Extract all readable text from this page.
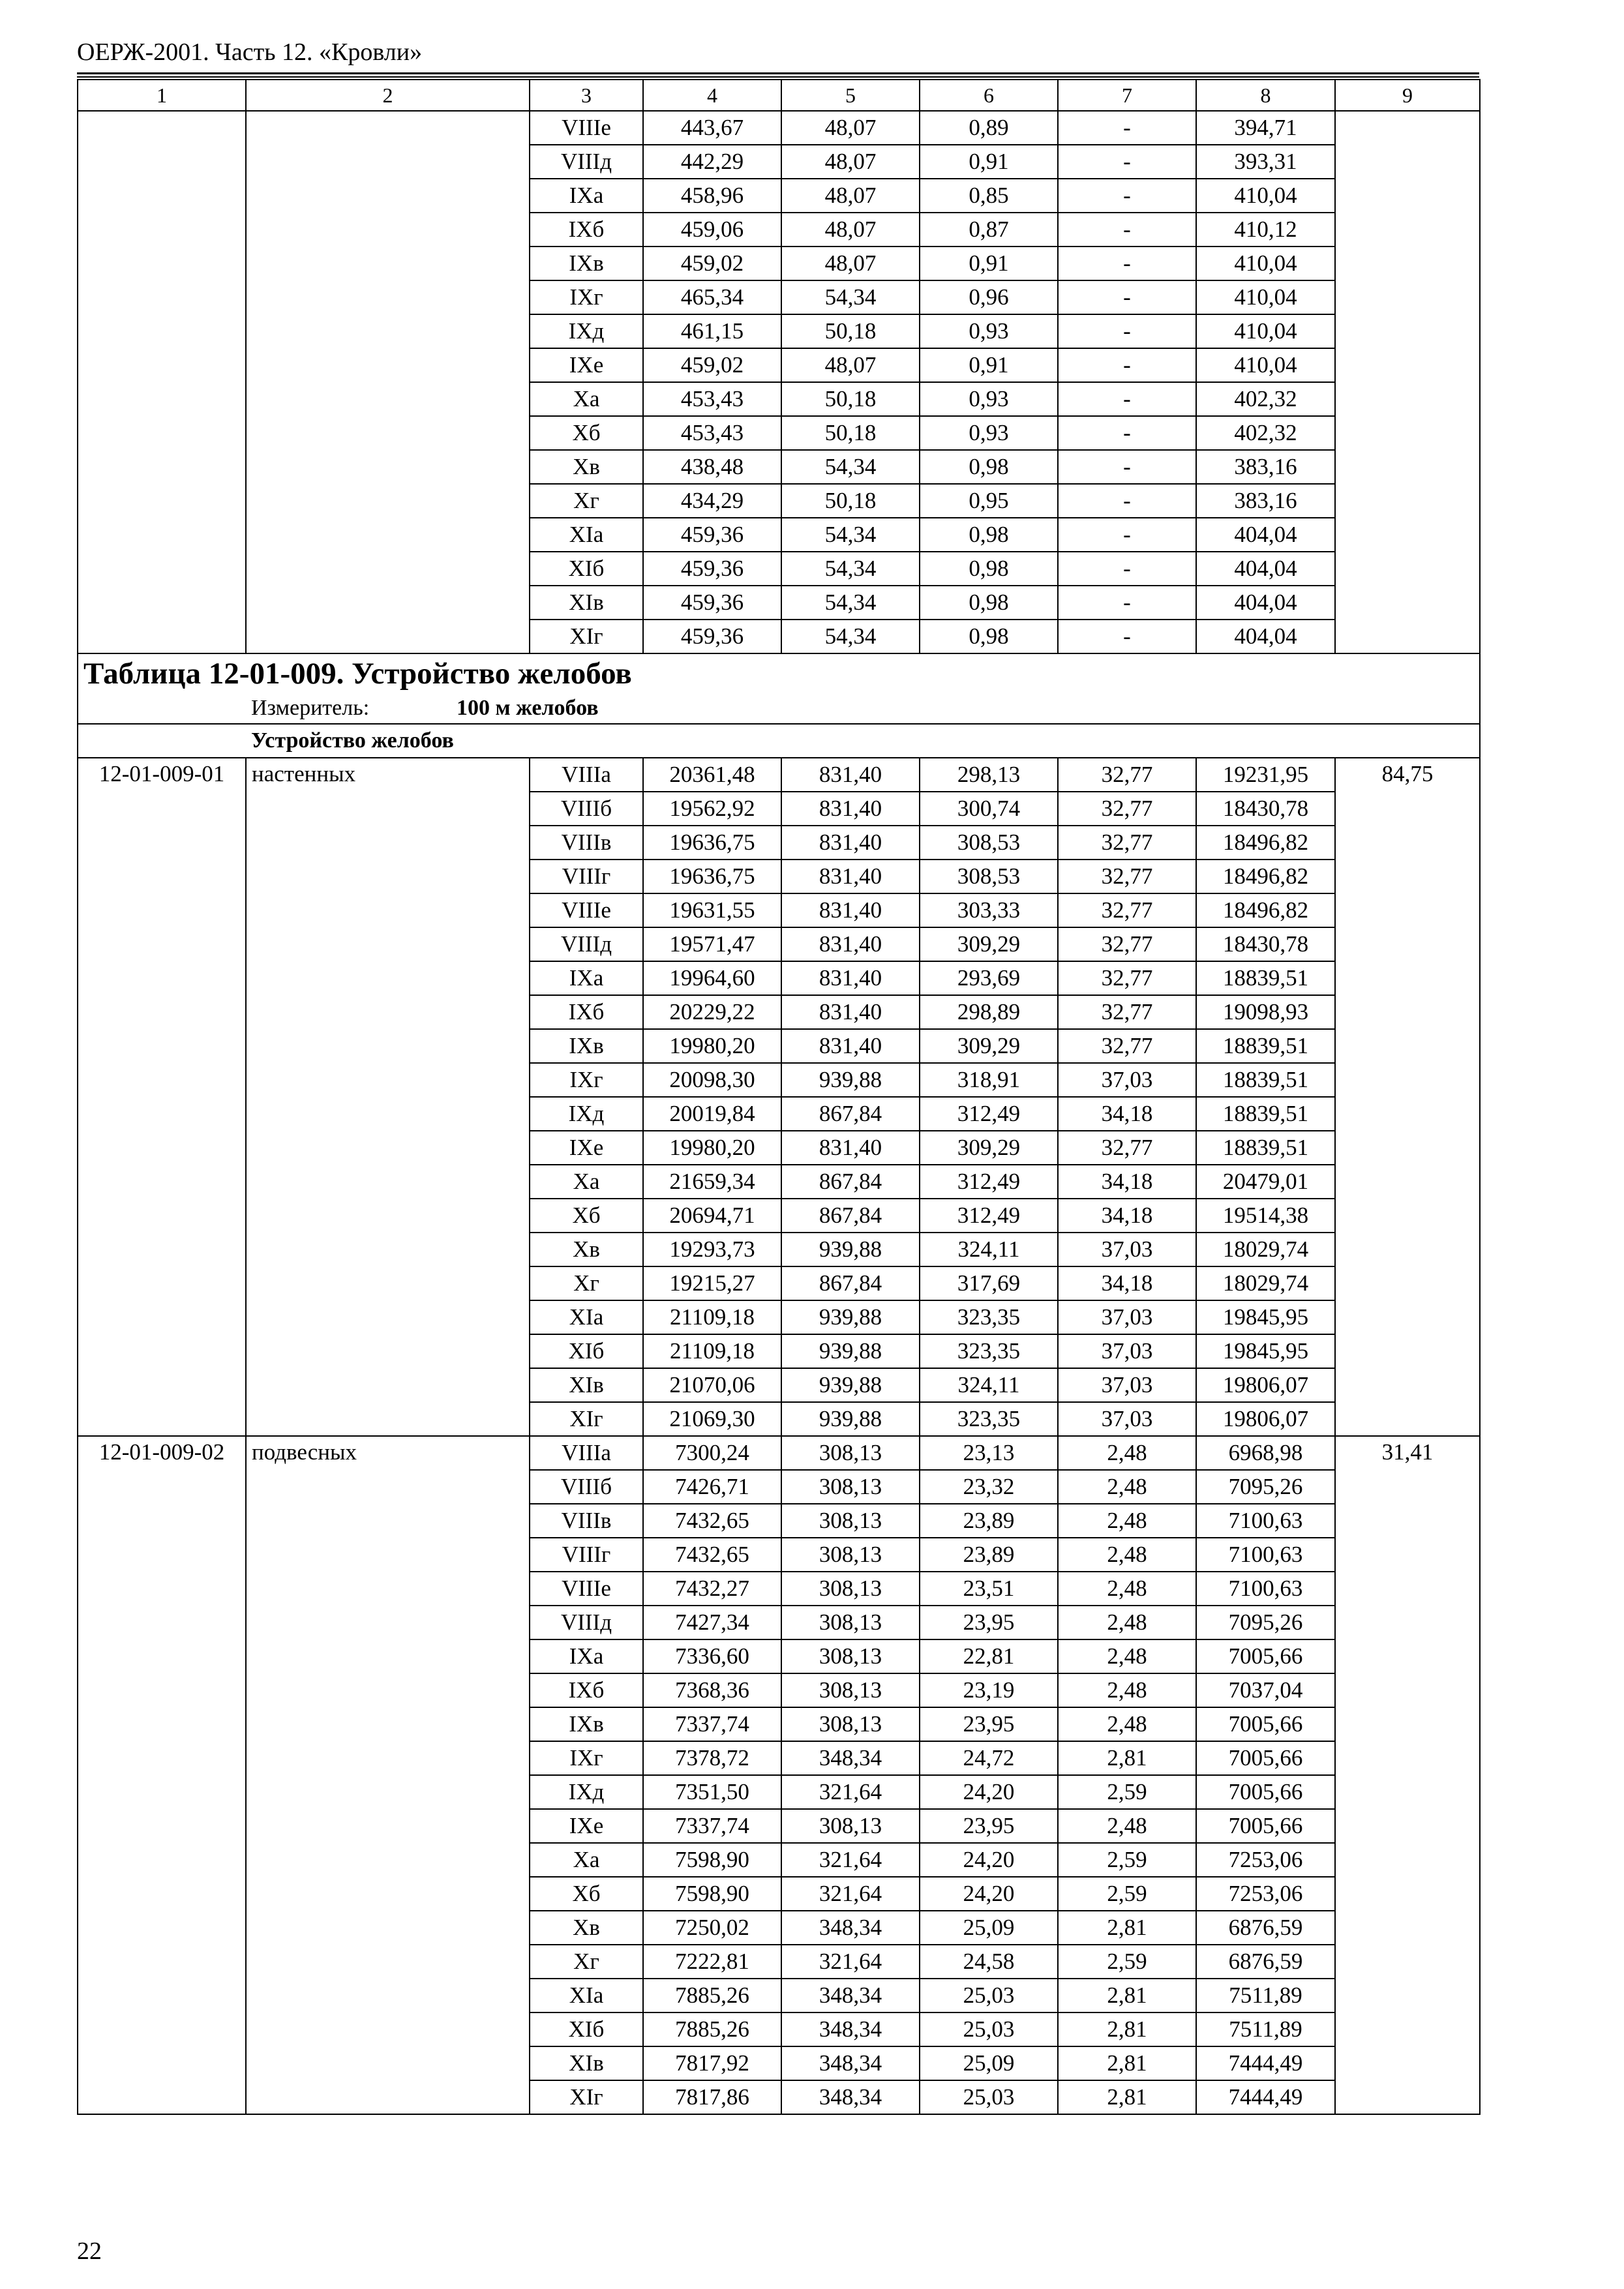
ОЕРЖ-2001. Часть 12. «Кровли»
1	2	3	4	5	6	7	8	9
		VIIIе	443,67	48,07	0,89	-	394,71	
		VIIIд	442,29	48,07	0,91	-	393,31	
		IXа	458,96	48,07	0,85	-	410,04	
		IXб	459,06	48,07	0,87	-	410,12	
		IXв	459,02	48,07	0,91	-	410,04	
		IXг	465,34	54,34	0,96	-	410,04	
		IXд	461,15	50,18	0,93	-	410,04	
		IXе	459,02	48,07	0,91	-	410,04	
		Xа	453,43	50,18	0,93	-	402,32	
		Xб	453,43	50,18	0,93	-	402,32	
		Xв	438,48	54,34	0,98	-	383,16	
		Xг	434,29	50,18	0,95	-	383,16	
		XIа	459,36	54,34	0,98	-	404,04	
		XIб	459,36	54,34	0,98	-	404,04	
		XIв	459,36	54,34	0,98	-	404,04	
		XIг	459,36	54,34	0,98	-	404,04	
Таблица 12-01-009. Устройство желобов								
Измеритель: 100 м желобов								
Устройство желобов								
12-01-009-01	настенных	VIIIа	20361,48	831,40	298,13	32,77	19231,95	84,75
		VIIIб	19562,92	831,40	300,74	32,77	18430,78	
		VIIIв	19636,75	831,40	308,53	32,77	18496,82	
		VIIIг	19636,75	831,40	308,53	32,77	18496,82	
		VIIIе	19631,55	831,40	303,33	32,77	18496,82	
		VIIIд	19571,47	831,40	309,29	32,77	18430,78	
		IXа	19964,60	831,40	293,69	32,77	18839,51	
		IXб	20229,22	831,40	298,89	32,77	19098,93	
		IXв	19980,20	831,40	309,29	32,77	18839,51	
		IXг	20098,30	939,88	318,91	37,03	18839,51	
		IXд	20019,84	867,84	312,49	34,18	18839,51	
		IXе	19980,20	831,40	309,29	32,77	18839,51	
		Xа	21659,34	867,84	312,49	34,18	20479,01	
		Xб	20694,71	867,84	312,49	34,18	19514,38	
		Xв	19293,73	939,88	324,11	37,03	18029,74	
		Xг	19215,27	867,84	317,69	34,18	18029,74	
		XIа	21109,18	939,88	323,35	37,03	19845,95	
		XIб	21109,18	939,88	323,35	37,03	19845,95	
		XIв	21070,06	939,88	324,11	37,03	19806,07	
		XIг	21069,30	939,88	323,35	37,03	19806,07	
12-01-009-02	подвесных	VIIIа	7300,24	308,13	23,13	2,48	6968,98	31,41
		VIIIб	7426,71	308,13	23,32	2,48	7095,26	
		VIIIв	7432,65	308,13	23,89	2,48	7100,63	
		VIIIг	7432,65	308,13	23,89	2,48	7100,63	
		VIIIе	7432,27	308,13	23,51	2,48	7100,63	
		VIIIд	7427,34	308,13	23,95	2,48	7095,26	
		IXа	7336,60	308,13	22,81	2,48	7005,66	
		IXб	7368,36	308,13	23,19	2,48	7037,04	
		IXв	7337,74	308,13	23,95	2,48	7005,66	
		IXг	7378,72	348,34	24,72	2,81	7005,66	
		IXд	7351,50	321,64	24,20	2,59	7005,66	
		IXе	7337,74	308,13	23,95	2,48	7005,66	
		Xа	7598,90	321,64	24,20	2,59	7253,06	
		Xб	7598,90	321,64	24,20	2,59	7253,06	
		Xв	7250,02	348,34	25,09	2,81	6876,59	
		Xг	7222,81	321,64	24,58	2,59	6876,59	
		XIа	7885,26	348,34	25,03	2,81	7511,89	
		XIб	7885,26	348,34	25,03	2,81	7511,89	
		XIв	7817,92	348,34	25,09	2,81	7444,49	
		XIг	7817,86	348,34	25,03	2,81	7444,49	
22
